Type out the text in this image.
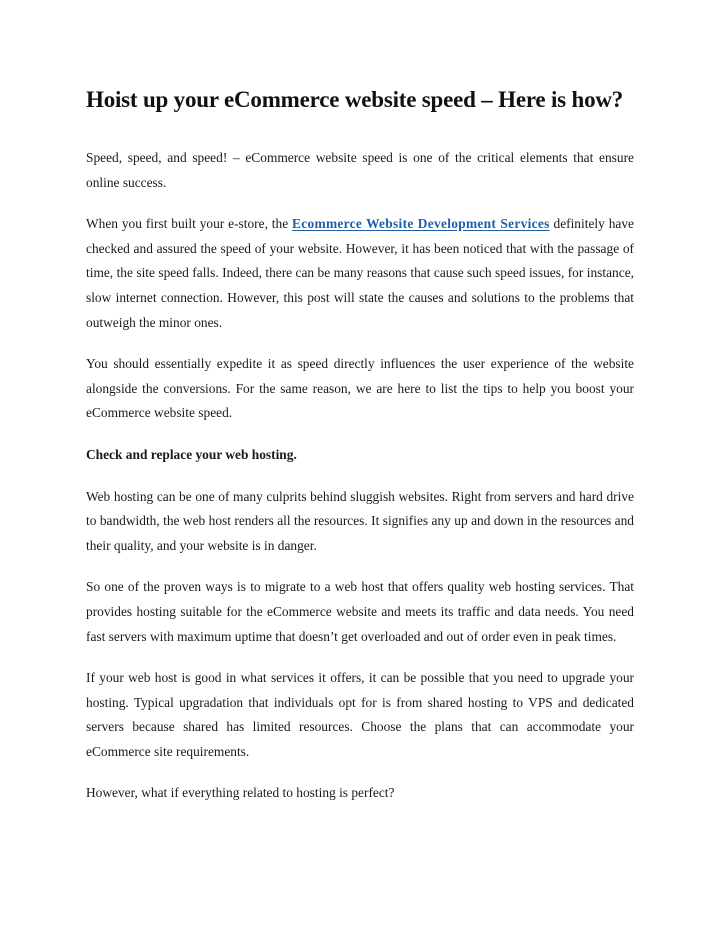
Hoist up your eCommerce website speed – Here is how?

Speed, speed, and speed! – eCommerce website speed is one of the critical elements that ensure online success.

When you first built your e-store, the Ecommerce Website Development Services definitely have checked and assured the speed of your website. However, it has been noticed that with the passage of time, the site speed falls. Indeed, there can be many reasons that cause such speed issues, for instance, slow internet connection. However, this post will state the causes and solutions to the problems that outweigh the minor ones.

You should essentially expedite it as speed directly influences the user experience of the website alongside the conversions. For the same reason, we are here to list the tips to help you boost your eCommerce website speed.

Check and replace your web hosting.

Web hosting can be one of many culprits behind sluggish websites. Right from servers and hard drive to bandwidth, the web host renders all the resources. It signifies any up and down in the resources and their quality, and your website is in danger.

So one of the proven ways is to migrate to a web host that offers quality web hosting services. That provides hosting suitable for the eCommerce website and meets its traffic and data needs. You need fast servers with maximum uptime that doesn’t get overloaded and out of order even in peak times.

If your web host is good in what services it offers, it can be possible that you need to upgrade your hosting. Typical upgradation that individuals opt for is from shared hosting to VPS and dedicated servers because shared has limited resources. Choose the plans that can accommodate your eCommerce site requirements.

However, what if everything related to hosting is perfect?
